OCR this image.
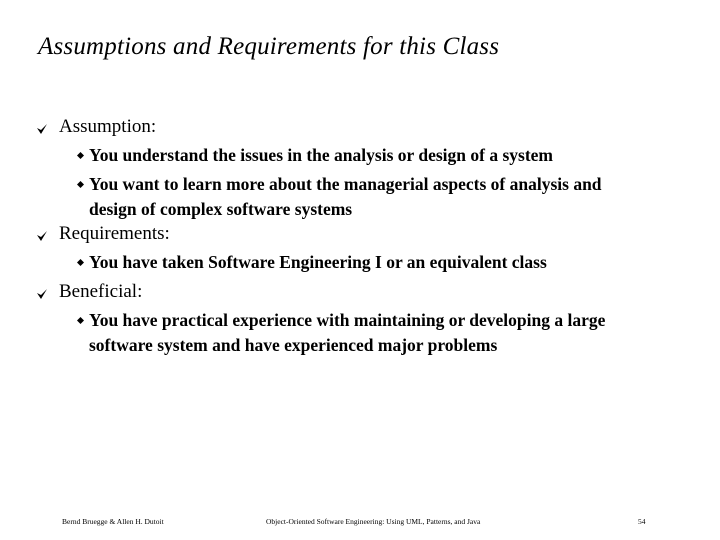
Assumptions and Requirements for this Class
Assumption:
You understand the issues in the analysis or design of a system
You want to learn more about the managerial aspects of analysis and design of complex software systems
Requirements:
You have taken Software Engineering I or an equivalent class
Beneficial:
You have practical experience with maintaining or developing a large software system and have experienced major problems
Bernd Bruegge & Allen H. Dutoit	Object-Oriented Software Engineering: Using UML, Patterns, and Java	54
